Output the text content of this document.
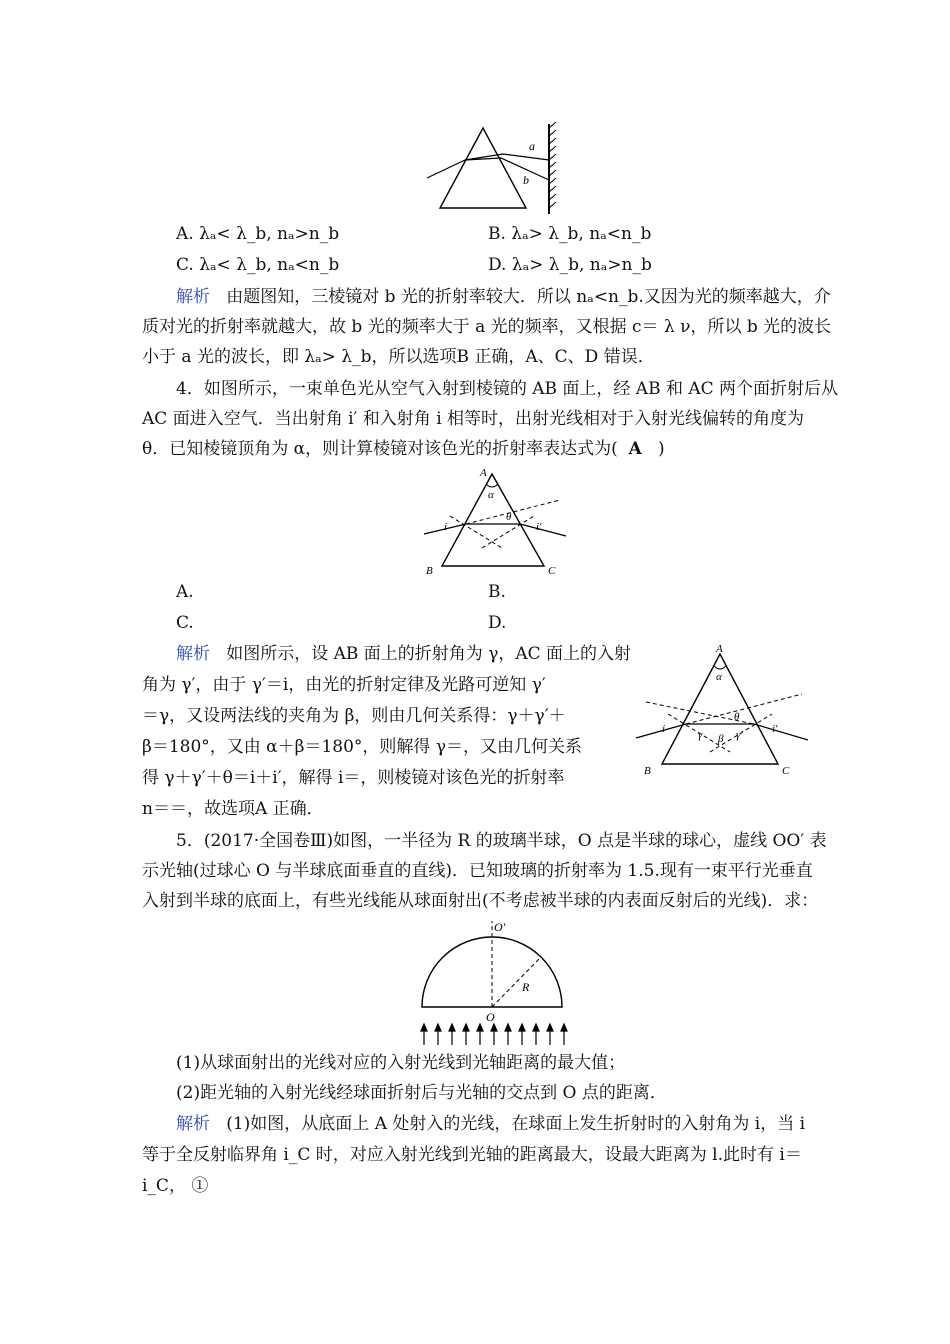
a
b
A. λₐ< λ_b, nₐ>n_b	B. λₐ> λ_b, nₐ<n_b
C. λₐ< λ_b, nₐ<n_b	D. λₐ> λ_b, nₐ>n_b
解析 由题图知，三棱镜对 b 光的折射率较大．所以 nₐ<n_b.又因为光的频率越大，介
质对光的折射率就越大，故 b 光的频率大于 a 光的频率，又根据 c＝ λ ν，所以 b 光的波长
小于 a 光的波长，即 λₐ> λ_b，所以选项B 正确，A、C、D 错误．
4．如图所示，一束单色光从空气入射到棱镜的 AB 面上，经 AB 和 AC 两个面折射后从
AC 面进入空气．当出射角 i′ 和入射角 i 相等时，出射光线相对于入射光线偏转的角度为
θ．已知棱镜顶角为 α，则计算棱镜对该色光的折射率表达式为( A )
A
B	C
α
θ
i	i′
A.	B.
C.	D.
解析 如图所示，设 AB 面上的折射角为 γ，AC 面上的入射
角为 γ′，由于 γ′＝i，由光的折射定律及光路可逆知 γ′
＝γ，又设两法线的夹角为 β，则由几何关系得：γ＋γ′＋
β＝180°，又由 α＋β＝180°，则解得 γ＝，又由几何关系
得 γ＋γ′＋θ＝i＋i′，解得 i＝，则棱镜对该色光的折射率
n＝＝，故选项A 正确．
A
B	C
α
θ
i	i′
γ β γ′
5．(2017·全国卷Ⅲ)如图，一半径为 R 的玻璃半球，O 点是半球的球心，虚线 OO′ 表
示光轴(过球心 O 与半球底面垂直的直线)．已知玻璃的折射率为 1.5.现有一束平行光垂直
入射到半球的底面上，有些光线能从球面射出(不考虑被半球的内表面反射后的光线)．求：
O′
R
O
(1)从球面射出的光线对应的入射光线到光轴距离的最大值；
(2)距光轴的入射光线经球面折射后与光轴的交点到 O 点的距离．
解析 (1)如图，从底面上 A 处射入的光线，在球面上发生折射时的入射角为 i，当 i
等于全反射临界角 i_C 时，对应入射光线到光轴的距离最大，设最大距离为 l.此时有 i＝
i_C， ①
